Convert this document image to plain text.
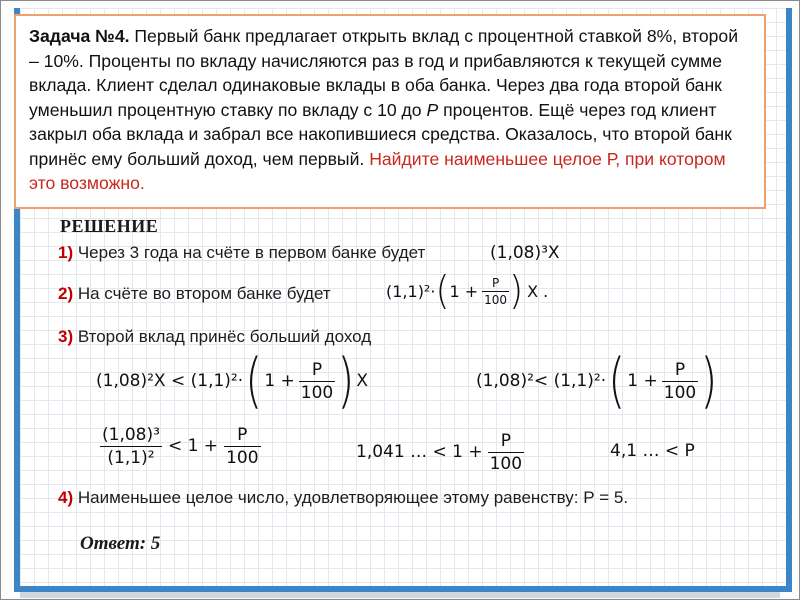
Задача №4. Первый банк предлагает открыть вклад с процентной ставкой 8%, второй – 10%. Проценты по вкладу начисляются раз в год и прибавляются к текущей сумме вклада. Клиент сделал одинаковые вклады в оба банка. Через два года второй банк уменьшил процентную ставку по вкладу с 10 до P процентов. Ещё через год клиент закрыл оба вклада и забрал все накопившиеся средства. Оказалось, что второй банк принёс ему больший доход, чем первый. Найдите наименьшее целое Р, при котором это возможно.
РЕШЕНИЕ
1) Через 3 года на счёте в первом банке будет	(1,08)³X
2) На счёте во втором банке будет	(1,1)²· ( $1 + \frac{P}{100}$ ) X .
3) Второй вклад принёс больший доход
(1,08)²X < (1,1)²· ( $1 + \frac{P}{100}$ ) X	(1,08)²< (1,1)²· ( $1 + \frac{P}{100}$ )
$\frac{\text{(1,08)³}}{\text{(1,1)²}} < 1 + \frac{P}{100}$	1,041 … < $1 + \frac{P}{100}$	4,1 … < P
4) Наименьшее целое число, удовлетворяющее этому равенству: Р = 5.
Ответ: 5
